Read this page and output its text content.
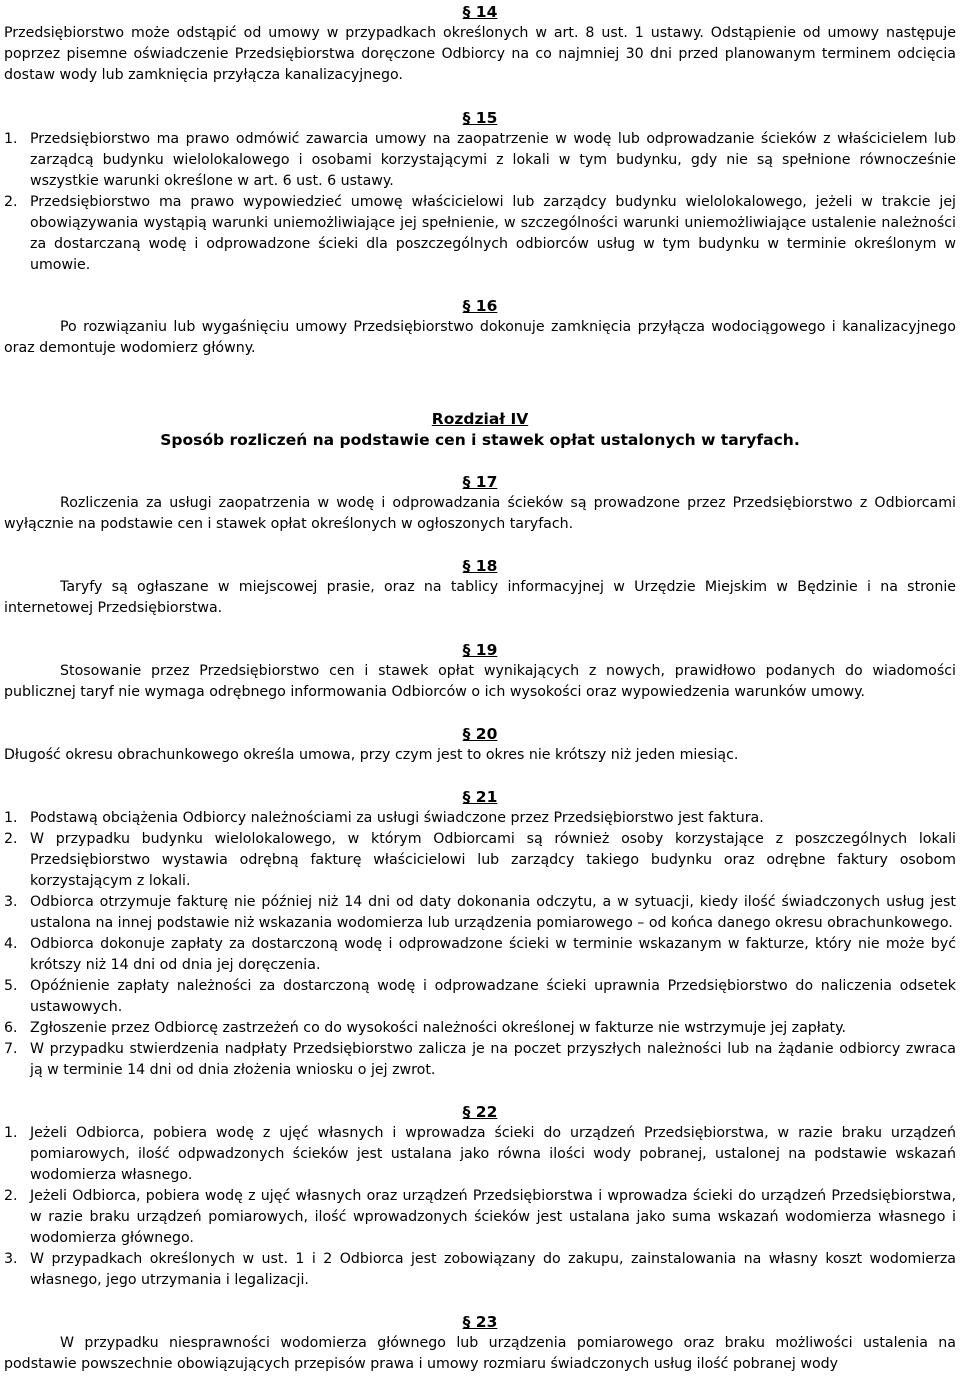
§ 14

Przedsiębiorstwo może odstąpić od umowy w przypadkach określonych w art. 8 ust. 1 ustawy. Odstąpienie od umowy następuje poprzez pisemne oświadczenie Przedsiębiorstwa doręczone Odbiorcy na co najmniej 30 dni przed planowanym terminem odcięcia dostaw wody lub zamknięcia przyłącza kanalizacyjnego.

§ 15

1. Przedsiębiorstwo ma prawo odmówić zawarcia umowy na zaopatrzenie w wodę lub odprowadzanie ścieków z właścicielem lub zarządcą budynku wielolokalowego i osobami korzystającymi z lokali w tym budynku, gdy nie są spełnione równocześnie wszystkie warunki określone w art. 6 ust. 6 ustawy.
2. Przedsiębiorstwo ma prawo wypowiedzieć umowę właścicielowi lub zarządcy budynku wielolokalowego, jeżeli w trakcie jej obowiązywania wystąpią warunki uniemożliwiające jej spełnienie, w szczególności warunki uniemożliwiające ustalenie należności za dostarczaną wodę i odprowadzone ścieki dla poszczególnych odbiorców usług w tym budynku w terminie określonym w umowie.

§ 16

Po rozwiązaniu lub wygaśnięciu umowy Przedsiębiorstwo dokonuje zamknięcia przyłącza wodociągowego i kanalizacyjnego oraz demontuje wodomierz główny.

Rozdział IV

Sposób rozliczeń na podstawie cen i stawek opłat ustalonych w taryfach.

§ 17

Rozliczenia za usługi zaopatrzenia w wodę i odprowadzania ścieków są prowadzone przez Przedsiębiorstwo z Odbiorcami wyłącznie na podstawie cen i stawek opłat określonych w ogłoszonych taryfach.

§ 18

Taryfy są ogłaszane w miejscowej prasie, oraz na tablicy informacyjnej w Urzędzie Miejskim w Będzinie i na stronie internetowej Przedsiębiorstwa.

§ 19

Stosowanie przez Przedsiębiorstwo cen i stawek opłat wynikających z nowych, prawidłowo podanych do wiadomości publicznej taryf nie wymaga odrębnego informowania Odbiorców o ich wysokości oraz wypowiedzenia warunków umowy.

§ 20

Długość okresu obrachunkowego określa umowa, przy czym jest to okres nie krótszy niż jeden miesiąc.

§ 21

1. Podstawą obciążenia Odbiorcy należnościami za usługi świadczone przez Przedsiębiorstwo jest faktura.
2. W przypadku budynku wielolokalowego, w którym Odbiorcami są również osoby korzystające z poszczególnych lokali Przedsiębiorstwo wystawia odrębną fakturę właścicielowi lub zarządcy takiego budynku oraz odrębne faktury osobom korzystającym z lokali.
3. Odbiorca otrzymuje fakturę nie później niż 14 dni od daty dokonania odczytu, a w sytuacji, kiedy ilość świadczonych usług jest ustalona na innej podstawie niż wskazania wodomierza lub urządzenia pomiarowego – od końca danego okresu obrachunkowego.
4. Odbiorca dokonuje zapłaty za dostarczoną wodę i odprowadzone ścieki w terminie wskazanym w fakturze, który nie może być krótszy niż 14 dni od dnia jej doręczenia.
5. Opóźnienie zapłaty należności za dostarczoną wodę i odprowadzane ścieki uprawnia Przedsiębiorstwo do naliczenia odsetek ustawowych.
6. Zgłoszenie przez Odbiorcę zastrzeżeń co do wysokości należności określonej w fakturze nie wstrzymuje jej zapłaty.
7. W przypadku stwierdzenia nadpłaty Przedsiębiorstwo zalicza je na poczet przyszłych należności lub na żądanie odbiorcy zwraca ją w terminie 14 dni od dnia złożenia wniosku o jej zwrot.

§ 22

1. Jeżeli Odbiorca, pobiera wodę z ujęć własnych i wprowadza ścieki do urządzeń Przedsiębiorstwa, w razie braku urządzeń pomiarowych, ilość odpwadzonych ścieków jest ustalana jako równa ilości wody pobranej, ustalonej na podstawie wskazań wodomierza własnego.
2. Jeżeli Odbiorca, pobiera wodę z ujęć własnych oraz urządzeń Przedsiębiorstwa i wprowadza ścieki do urządzeń Przedsiębiorstwa, w razie braku urządzeń pomiarowych, ilość wprowadzonych ścieków jest ustalana jako suma wskazań wodomierza własnego i wodomierza głównego.
3. W przypadkach określonych w ust. 1 i 2 Odbiorca jest zobowiązany do zakupu, zainstalowania na własny koszt wodomierza własnego, jego utrzymania i legalizacji.

§ 23

W przypadku niesprawności wodomierza głównego lub urządzenia pomiarowego oraz braku możliwości ustalenia na podstawie powszechnie obowiązujących przepisów prawa i umowy rozmiaru świadczonych usług ilość pobranej wody
